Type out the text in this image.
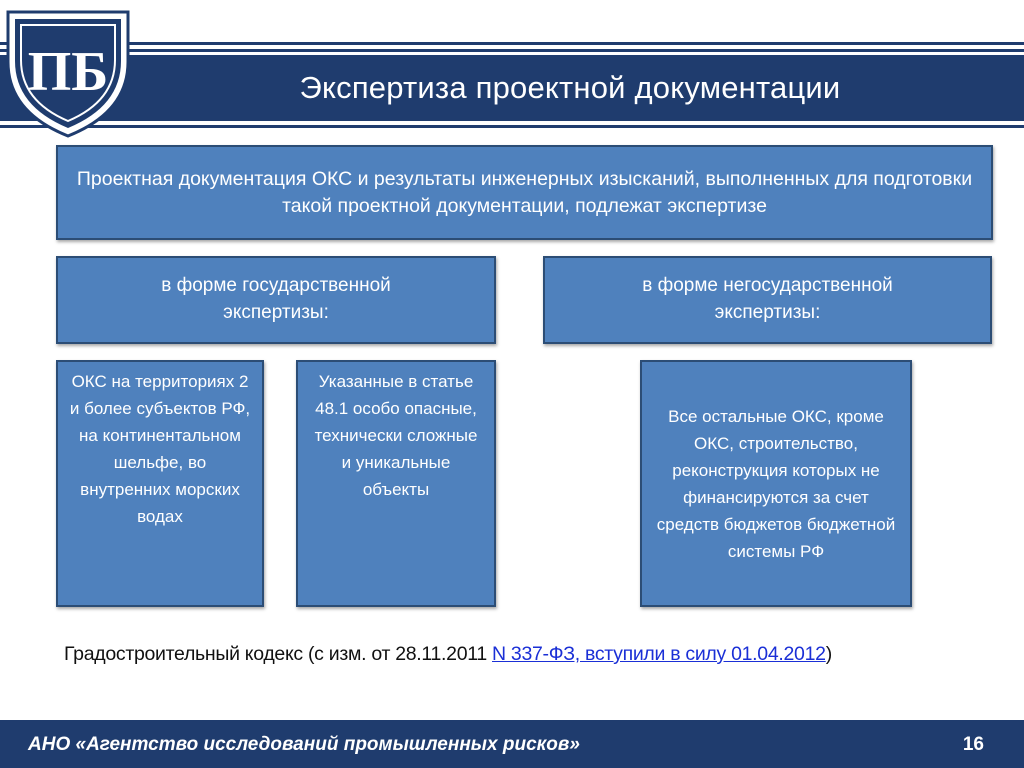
Экспертиза проектной документации
ПБ
Проектная документация ОКС и результаты инженерных изысканий, выполненных для подготовки такой проектной документации, подлежат экспертизе
в форме государственной экспертизы:
в форме негосударственной экспертизы:
ОКС на территориях 2 и более субъектов РФ, на континентальном шельфе, во внутренних морских водах
Указанные в статье 48.1 особо опасные, технически сложные и уникальные объекты
Все остальные ОКС, кроме ОКС, строительство, реконструкция которых не финансируются за счет средств бюджетов бюджетной системы РФ
Градостроительный кодекс (с изм. от 28.11.2011 N 337-ФЗ, вступили в силу 01.04.2012)
АНО «Агентство исследований промышленных рисков»	16
